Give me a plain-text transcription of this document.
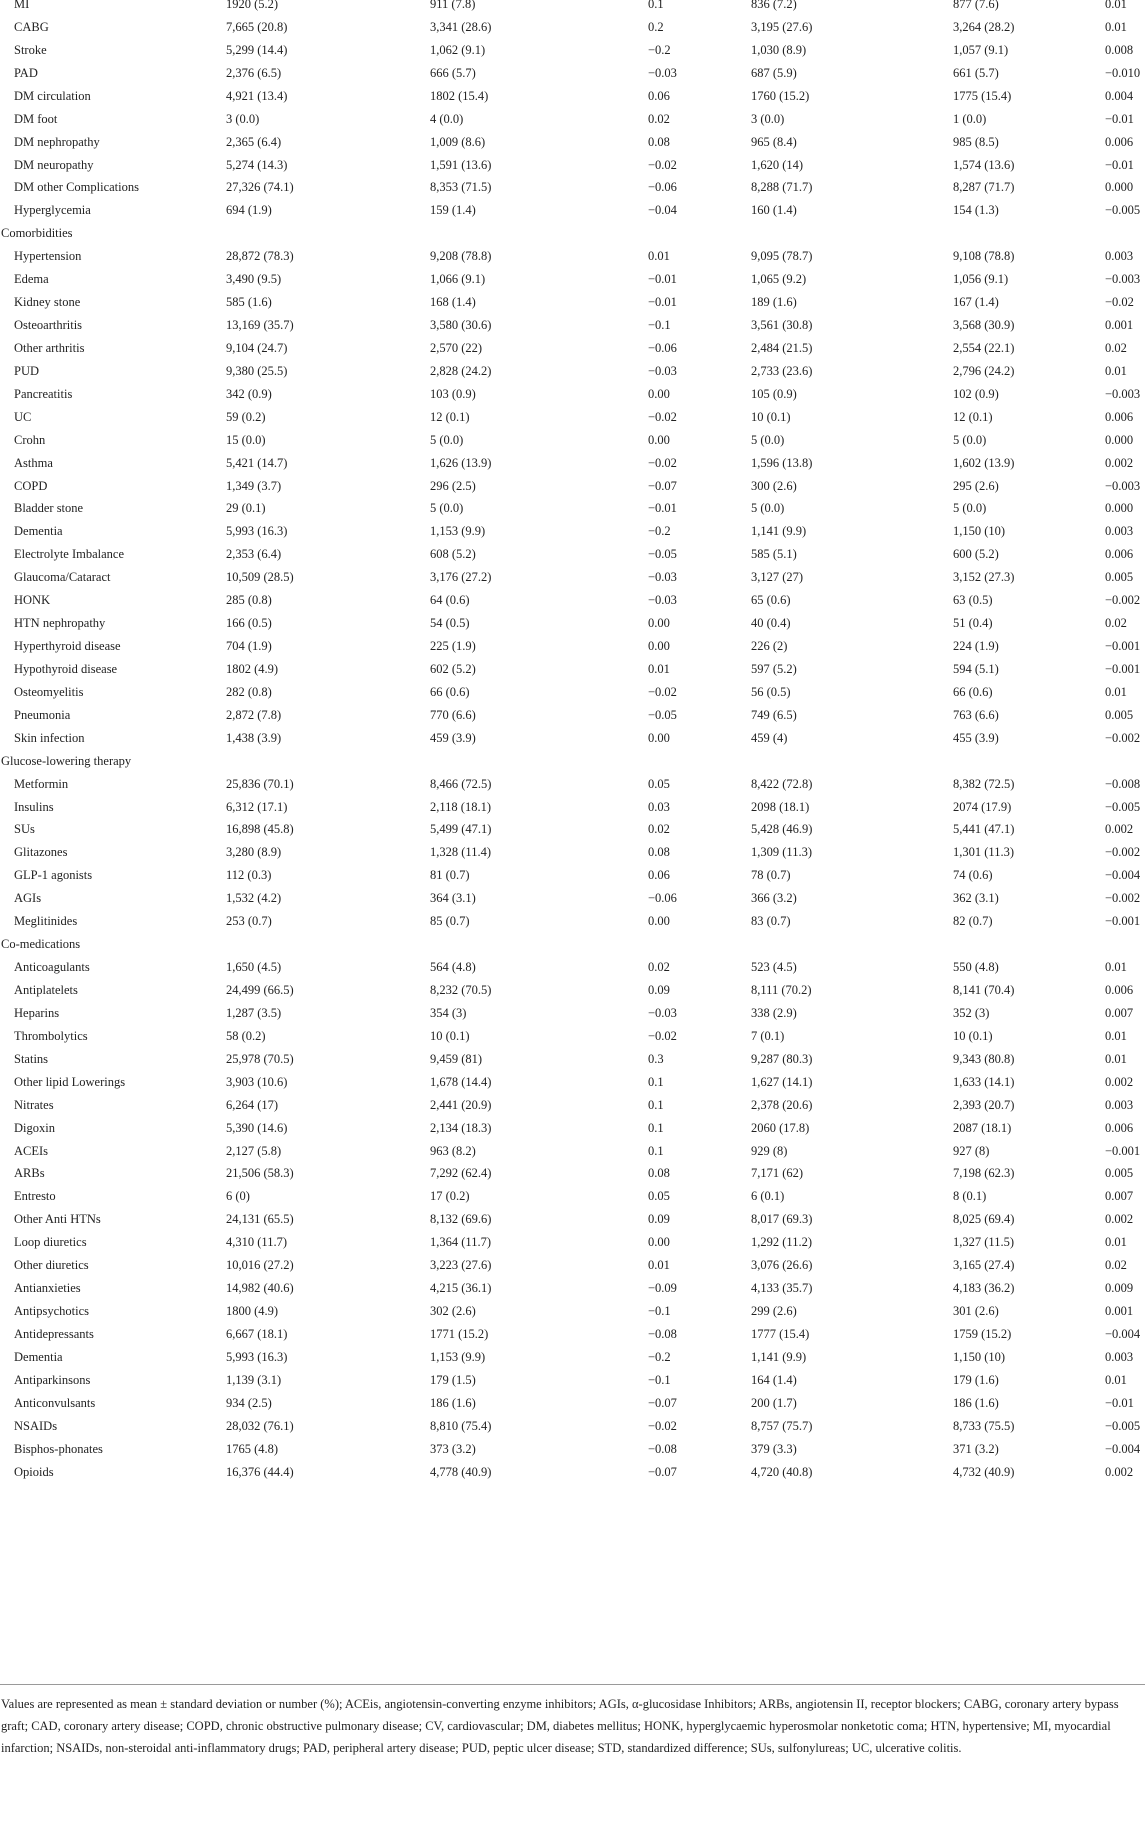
MI	1920 (5.2)	911 (7.8)	0.1	836 (7.2)	877 (7.6)	0.01
CABG	7,665 (20.8)	3,341 (28.6)	0.2	3,195 (27.6)	3,264 (28.2)	0.01
Stroke	5,299 (14.4)	1,062 (9.1)	−0.2	1,030 (8.9)	1,057 (9.1)	0.008
PAD	2,376 (6.5)	666 (5.7)	−0.03	687 (5.9)	661 (5.7)	−0.010
DM circulation	4,921 (13.4)	1802 (15.4)	0.06	1760 (15.2)	1775 (15.4)	0.004
DM foot	3 (0.0)	4 (0.0)	0.02	3 (0.0)	1 (0.0)	−0.01
DM nephropathy	2,365 (6.4)	1,009 (8.6)	0.08	965 (8.4)	985 (8.5)	0.006
DM neuropathy	5,274 (14.3)	1,591 (13.6)	−0.02	1,620 (14)	1,574 (13.6)	−0.01
DM other Complications	27,326 (74.1)	8,353 (71.5)	−0.06	8,288 (71.7)	8,287 (71.7)	0.000
Hyperglycemia	694 (1.9)	159 (1.4)	−0.04	160 (1.4)	154 (1.3)	−0.005
Comorbidities
Hypertension	28,872 (78.3)	9,208 (78.8)	0.01	9,095 (78.7)	9,108 (78.8)	0.003
Edema	3,490 (9.5)	1,066 (9.1)	−0.01	1,065 (9.2)	1,056 (9.1)	−0.003
Kidney stone	585 (1.6)	168 (1.4)	−0.01	189 (1.6)	167 (1.4)	−0.02
Osteoarthritis	13,169 (35.7)	3,580 (30.6)	−0.1	3,561 (30.8)	3,568 (30.9)	0.001
Other arthritis	9,104 (24.7)	2,570 (22)	−0.06	2,484 (21.5)	2,554 (22.1)	0.02
PUD	9,380 (25.5)	2,828 (24.2)	−0.03	2,733 (23.6)	2,796 (24.2)	0.01
Pancreatitis	342 (0.9)	103 (0.9)	0.00	105 (0.9)	102 (0.9)	−0.003
UC	59 (0.2)	12 (0.1)	−0.02	10 (0.1)	12 (0.1)	0.006
Crohn	15 (0.0)	5 (0.0)	0.00	5 (0.0)	5 (0.0)	0.000
Asthma	5,421 (14.7)	1,626 (13.9)	−0.02	1,596 (13.8)	1,602 (13.9)	0.002
COPD	1,349 (3.7)	296 (2.5)	−0.07	300 (2.6)	295 (2.6)	−0.003
Bladder stone	29 (0.1)	5 (0.0)	−0.01	5 (0.0)	5 (0.0)	0.000
Dementia	5,993 (16.3)	1,153 (9.9)	−0.2	1,141 (9.9)	1,150 (10)	0.003
Electrolyte Imbalance	2,353 (6.4)	608 (5.2)	−0.05	585 (5.1)	600 (5.2)	0.006
Glaucoma/Cataract	10,509 (28.5)	3,176 (27.2)	−0.03	3,127 (27)	3,152 (27.3)	0.005
HONK	285 (0.8)	64 (0.6)	−0.03	65 (0.6)	63 (0.5)	−0.002
HTN nephropathy	166 (0.5)	54 (0.5)	0.00	40 (0.4)	51 (0.4)	0.02
Hyperthyroid disease	704 (1.9)	225 (1.9)	0.00	226 (2)	224 (1.9)	−0.001
Hypothyroid disease	1802 (4.9)	602 (5.2)	0.01	597 (5.2)	594 (5.1)	−0.001
Osteomyelitis	282 (0.8)	66 (0.6)	−0.02	56 (0.5)	66 (0.6)	0.01
Pneumonia	2,872 (7.8)	770 (6.6)	−0.05	749 (6.5)	763 (6.6)	0.005
Skin infection	1,438 (3.9)	459 (3.9)	0.00	459 (4)	455 (3.9)	−0.002
Glucose-lowering therapy
Metformin	25,836 (70.1)	8,466 (72.5)	0.05	8,422 (72.8)	8,382 (72.5)	−0.008
Insulins	6,312 (17.1)	2,118 (18.1)	0.03	2098 (18.1)	2074 (17.9)	−0.005
SUs	16,898 (45.8)	5,499 (47.1)	0.02	5,428 (46.9)	5,441 (47.1)	0.002
Glitazones	3,280 (8.9)	1,328 (11.4)	0.08	1,309 (11.3)	1,301 (11.3)	−0.002
GLP-1 agonists	112 (0.3)	81 (0.7)	0.06	78 (0.7)	74 (0.6)	−0.004
AGIs	1,532 (4.2)	364 (3.1)	−0.06	366 (3.2)	362 (3.1)	−0.002
Meglitinides	253 (0.7)	85 (0.7)	0.00	83 (0.7)	82 (0.7)	−0.001
Co-medications
Anticoagulants	1,650 (4.5)	564 (4.8)	0.02	523 (4.5)	550 (4.8)	0.01
Antiplatelets	24,499 (66.5)	8,232 (70.5)	0.09	8,111 (70.2)	8,141 (70.4)	0.006
Heparins	1,287 (3.5)	354 (3)	−0.03	338 (2.9)	352 (3)	0.007
Thrombolytics	58 (0.2)	10 (0.1)	−0.02	7 (0.1)	10 (0.1)	0.01
Statins	25,978 (70.5)	9,459 (81)	0.3	9,287 (80.3)	9,343 (80.8)	0.01
Other lipid Lowerings	3,903 (10.6)	1,678 (14.4)	0.1	1,627 (14.1)	1,633 (14.1)	0.002
Nitrates	6,264 (17)	2,441 (20.9)	0.1	2,378 (20.6)	2,393 (20.7)	0.003
Digoxin	5,390 (14.6)	2,134 (18.3)	0.1	2060 (17.8)	2087 (18.1)	0.006
ACEIs	2,127 (5.8)	963 (8.2)	0.1	929 (8)	927 (8)	−0.001
ARBs	21,506 (58.3)	7,292 (62.4)	0.08	7,171 (62)	7,198 (62.3)	0.005
Entresto	6 (0)	17 (0.2)	0.05	6 (0.1)	8 (0.1)	0.007
Other Anti HTNs	24,131 (65.5)	8,132 (69.6)	0.09	8,017 (69.3)	8,025 (69.4)	0.002
Loop diuretics	4,310 (11.7)	1,364 (11.7)	0.00	1,292 (11.2)	1,327 (11.5)	0.01
Other diuretics	10,016 (27.2)	3,223 (27.6)	0.01	3,076 (26.6)	3,165 (27.4)	0.02
Antianxieties	14,982 (40.6)	4,215 (36.1)	−0.09	4,133 (35.7)	4,183 (36.2)	0.009
Antipsychotics	1800 (4.9)	302 (2.6)	−0.1	299 (2.6)	301 (2.6)	0.001
Antidepressants	6,667 (18.1)	1771 (15.2)	−0.08	1777 (15.4)	1759 (15.2)	−0.004
Dementia	5,993 (16.3)	1,153 (9.9)	−0.2	1,141 (9.9)	1,150 (10)	0.003
Antiparkinsons	1,139 (3.1)	179 (1.5)	−0.1	164 (1.4)	179 (1.6)	0.01
Anticonvulsants	934 (2.5)	186 (1.6)	−0.07	200 (1.7)	186 (1.6)	−0.01
NSAIDs	28,032 (76.1)	8,810 (75.4)	−0.02	8,757 (75.7)	8,733 (75.5)	−0.005
Bisphos-phonates	1765 (4.8)	373 (3.2)	−0.08	379 (3.3)	371 (3.2)	−0.004
Opioids	16,376 (44.4)	4,778 (40.9)	−0.07	4,720 (40.8)	4,732 (40.9)	0.002
Values are represented as mean ± standard deviation or number (%); ACEis, angiotensin-converting enzyme inhibitors; AGIs, α-glucosidase Inhibitors; ARBs, angiotensin II, receptor blockers; CABG, coronary artery bypass graft; CAD, coronary artery disease; COPD, chronic obstructive pulmonary disease; CV, cardiovascular; DM, diabetes mellitus; HONK, hyperglycaemic hyperosmolar nonketotic coma; HTN, hypertensive; MI, myocardial infarction; NSAIDs, non-steroidal anti-inflammatory drugs; PAD, peripheral artery disease; PUD, peptic ulcer disease; STD, standardized difference; SUs, sulfonylureas; UC, ulcerative colitis.
